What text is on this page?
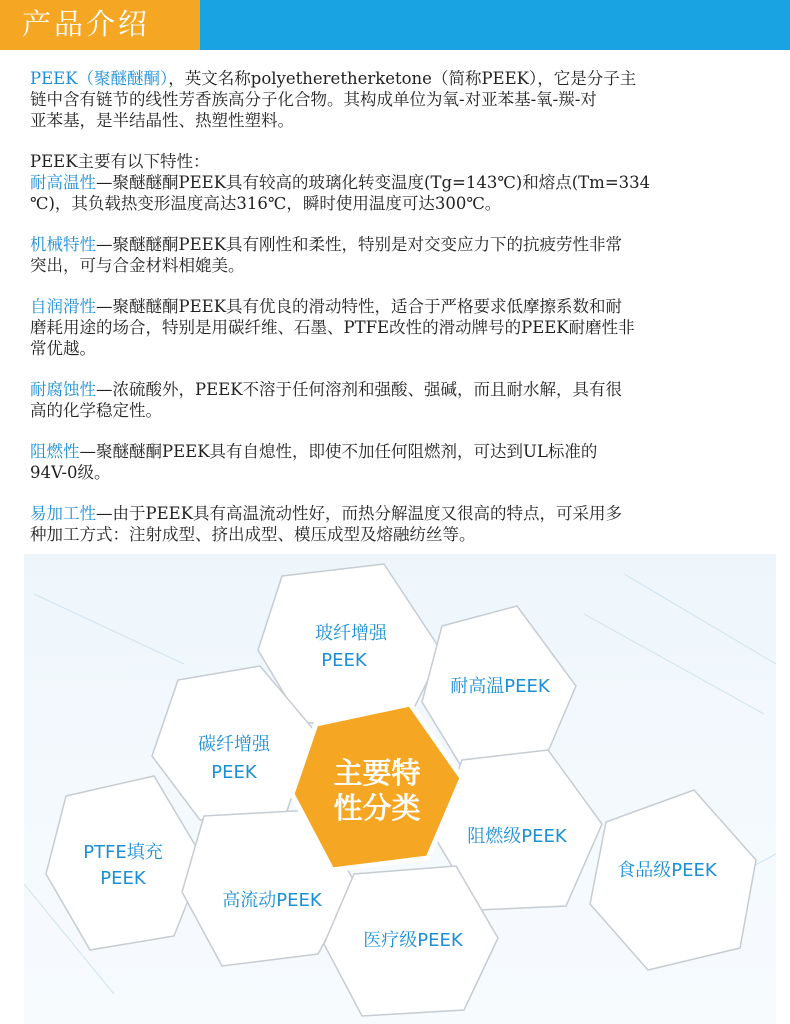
产品介绍
PEEK（聚醚醚酮），英文名称polyetheretherketone（简称PEEK），它是分子主
链中含有链节的线性芳香族高分子化合物。其构成单位为氧-对亚苯基-氧-羰-对
亚苯基，是半结晶性、热塑性塑料。
PEEK主要有以下特性：
耐高温性—聚醚醚酮PEEK具有较高的玻璃化转变温度(Tg=143℃)和熔点(Tm=334
℃)，其负载热变形温度高达316℃，瞬时使用温度可达300℃。
机械特性—聚醚醚酮PEEK具有刚性和柔性，特别是对交变应力下的抗疲劳性非常
突出，可与合金材料相媲美。
自润滑性—聚醚醚酮PEEK具有优良的滑动特性，适合于严格要求低摩擦系数和耐
磨耗用途的场合，特别是用碳纤维、石墨、PTFE改性的滑动牌号的PEEK耐磨性非
常优越。
耐腐蚀性—浓硫酸外，PEEK不溶于任何溶剂和强酸、强碱，而且耐水解，具有很
高的化学稳定性。
阻燃性—聚醚醚酮PEEK具有自熄性，即使不加任何阻燃剂，可达到UL标准的
94V-0级。
易加工性—由于PEEK具有高温流动性好，而热分解温度又很高的特点，可采用多
种加工方式：注射成型、挤出成型、模压成型及熔融纺丝等。
玻纤增强
PEEK
耐高温PEEK
碳纤增强
PEEK
阻燃级PEEK
PTFE填充
PEEK	食品级PEEK
高流动PEEK
医疗级PEEK
主要特
性分类
